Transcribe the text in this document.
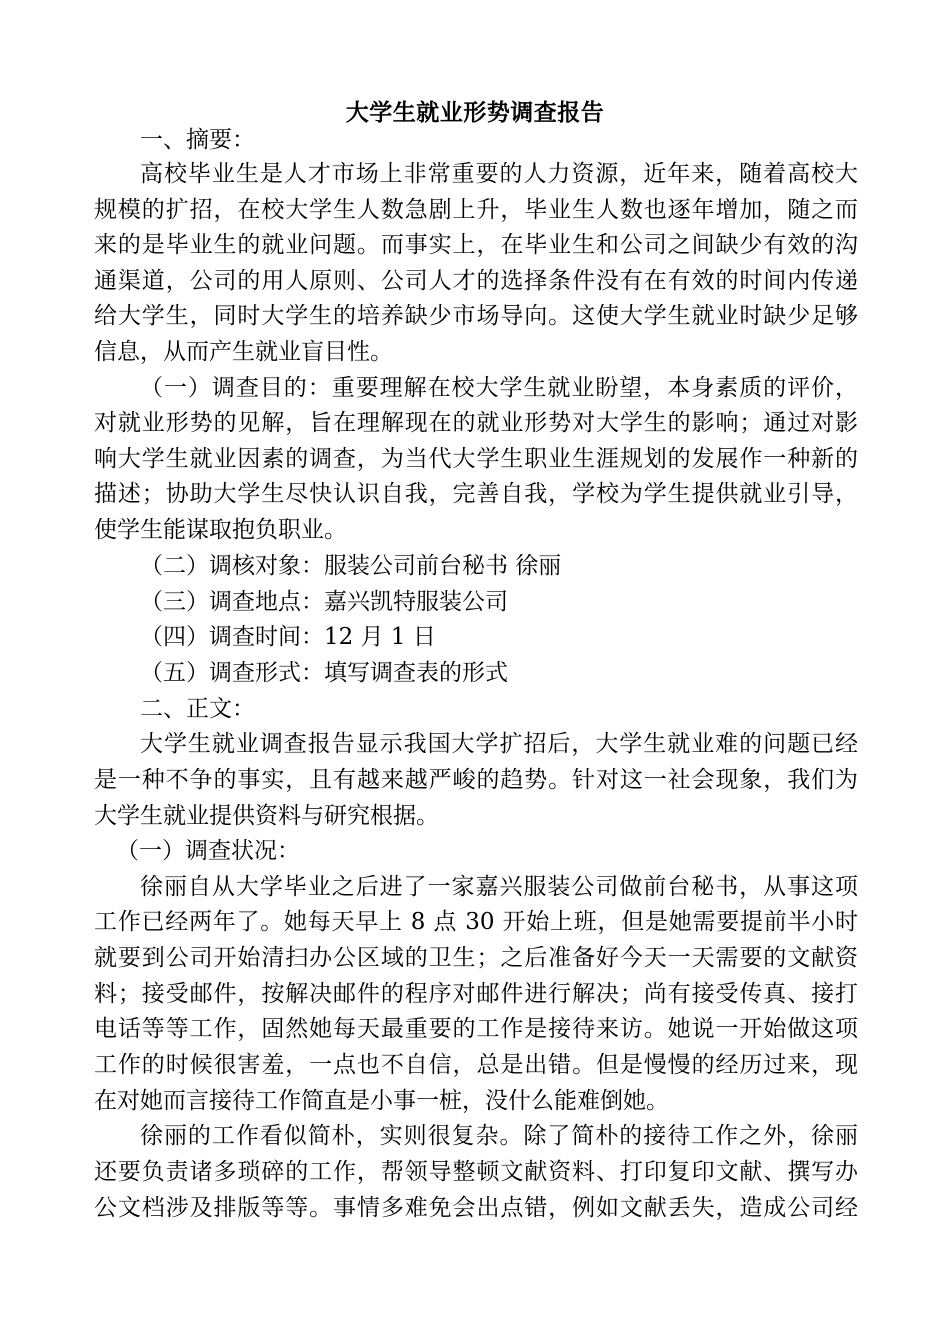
大学生就业形势调查报告
一、摘要：
高校毕业生是人才市场上非常重要的人力资源，近年来，随着高校大
规模的扩招，在校大学生人数急剧上升，毕业生人数也逐年增加，随之而
来的是毕业生的就业问题。而事实上，在毕业生和公司之间缺少有效的沟
通渠道，公司的用人原则、公司人才的选择条件没有在有效的时间内传递
给大学生，同时大学生的培养缺少市场导向。这使大学生就业时缺少足够
信息，从而产生就业盲目性。
（一）调查目的：重要理解在校大学生就业盼望，本身素质的评价，
对就业形势的见解，旨在理解现在的就业形势对大学生的影响；通过对影
响大学生就业因素的调查，为当代大学生职业生涯规划的发展作一种新的
描述；协助大学生尽快认识自我，完善自我，学校为学生提供就业引导，
使学生能谋取抱负职业。
（二）调核对象：服装公司前台秘书 徐丽
（三）调查地点：嘉兴凯特服装公司
（四）调查时间：12 月 1 日
（五）调查形式：填写调查表的形式
二、正文：
大学生就业调查报告显示我国大学扩招后，大学生就业难的问题已经
是一种不争的事实，且有越来越严峻的趋势。针对这一社会现象，我们为
大学生就业提供资料与研究根据。
（一）调查状况：
徐丽自从大学毕业之后进了一家嘉兴服装公司做前台秘书，从事这项
工作已经两年了。她每天早上 8 点 30 开始上班，但是她需要提前半小时
就要到公司开始清扫办公区域的卫生；之后准备好今天一天需要的文献资
料；接受邮件，按解决邮件的程序对邮件进行解决；尚有接受传真、接打
电话等等工作，固然她每天最重要的工作是接待来访。她说一开始做这项
工作的时候很害羞，一点也不自信，总是出错。但是慢慢的经历过来，现
在对她而言接待工作简直是小事一桩，没什么能难倒她。
徐丽的工作看似简朴，实则很复杂。除了简朴的接待工作之外，徐丽
还要负责诸多琐碎的工作，帮领导整顿文献资料、打印复印文献、撰写办
公文档涉及排版等等。事情多难免会出点错，例如文献丢失，造成公司经
